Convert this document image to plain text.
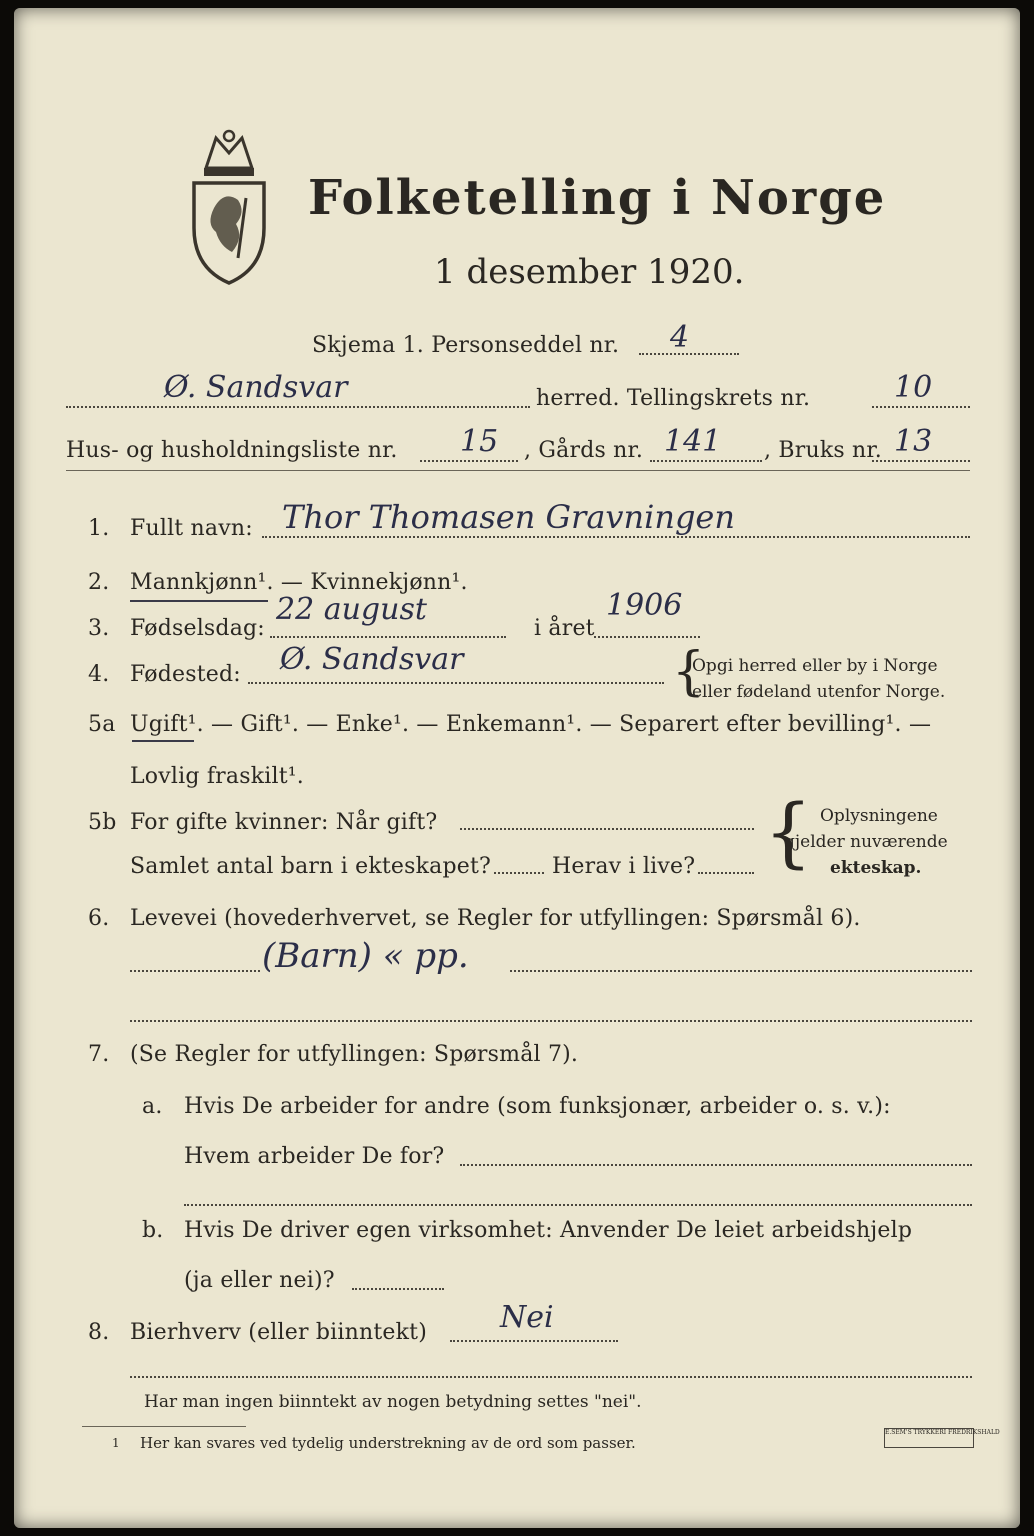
Folketelling i Norge
1 desember 1920.
Skjema 1. Personseddel nr. 4
Ø. Sandsvar	herred. Tellingskrets nr.	10
Hus- og husholdningsliste nr. 15 , Gårds nr. 141 , Bruks nr. 13
1. Fullt navn: Thor Thomasen Gravningen
2. Mannkjønn¹. — Kvinnekjønn¹.
3. Fødselsdag:
22 august
i året
1906
4. Fødested: Ø. Sandsvar	{
Opgi herred eller by i Norge
eller fødeland utenfor Norge.
5a Ugift¹. — Gift¹. — Enke¹. — Enkemann¹. — Separert efter bevilling¹. —
Lovlig fraskilt¹.
5b For gifte kvinner: Når gift?
Samlet antal barn i ekteskapet?	Herav i live? { Oplysningene
gjelder nuværende
ekteskap.
6. Levevei (hovederhvervet, se Regler for utfyllingen: Spørsmål 6).
(Barn) « pp.
7. (Se Regler for utfyllingen: Spørsmål 7).
a. Hvis De arbeider for andre (som funksjonær, arbeider o. s. v.):
Hvem arbeider De for?
b. Hvis De driver egen virksomhet: Anvender De leiet arbeidshjelp
(ja eller nei)?
8. Bierhverv (eller biinntekt) Nei
Har man ingen biinntekt av nogen betydning settes "nei".
1 Her kan svares ved tydelig understrekning av de ord som passer.
E.SEM'S TRYKKERI FREDRIKSHALD
